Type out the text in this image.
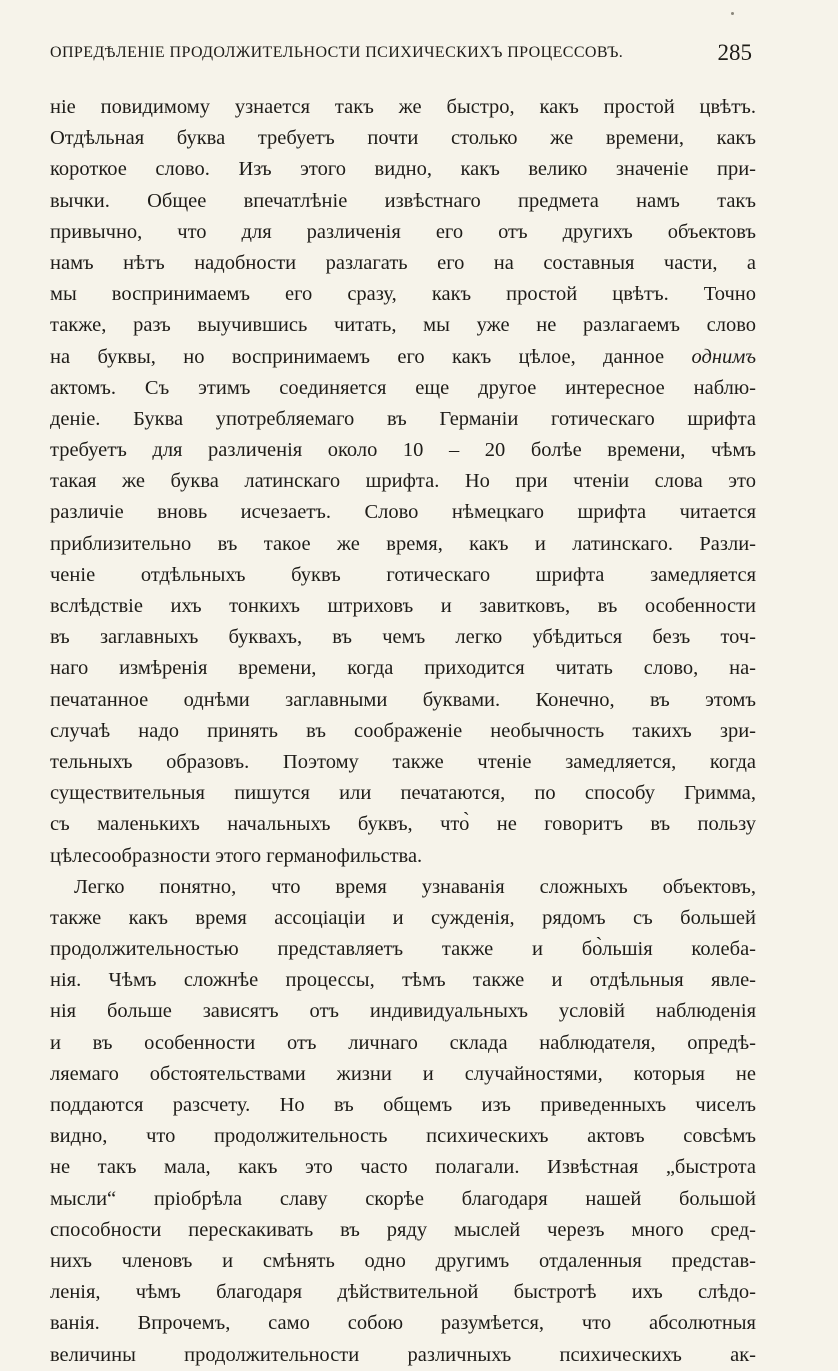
ОПРЕДѢЛЕНІЕ ПРОДОЛЖИТЕЛЬНОСТИ ПСИХИЧЕСКИХЪ ПРОЦЕССОВЪ.	285
ніе повидимому узнается такъ же быстро, какъ простой цвѣтъ.
Отдѣльная буква требуетъ почти столько же времени, какъ
короткое слово. Изъ этого видно, какъ велико значеніе при-
вычки. Общее впечатлѣніе извѣстнаго предмета намъ такъ
привычно, что для различенія его отъ другихъ объектовъ
намъ нѣтъ надобности разлагать его на составныя части, а
мы воспринимаемъ его сразу, какъ простой цвѣтъ. Точно
также, разъ выучившись читать, мы уже не разлагаемъ слово
на буквы, но воспринимаемъ его какъ цѣлое, данное однимъ
актомъ. Съ этимъ соединяется еще другое интересное наблю-
деніе. Буква употребляемаго въ Германіи готическаго шрифта
требуетъ для различенія около 10 – 20 болѣе времени, чѣмъ
такая же буква латинскаго шрифта. Но при чтеніи слова это
различіе вновь исчезаетъ. Слово нѣмецкаго шрифта читается
приблизительно въ такое же время, какъ и латинскаго. Разли-
ченіе отдѣльныхъ буквъ готическаго шрифта замедляется
вслѣдствіе ихъ тонкихъ штриховъ и завитковъ, въ особенности
въ заглавныхъ буквахъ, въ чемъ легко убѣдиться безъ точ-
наго измѣренія времени, когда приходится читать слово, на-
печатанное однѣми заглавными буквами. Конечно, въ этомъ
случаѣ надо принять въ соображеніе необычность такихъ зри-
тельныхъ образовъ. Поэтому также чтеніе замедляется, когда
существительныя пишутся или печатаются, по способу Гримма,
съ маленькихъ начальныхъ буквъ, что̀ не говоритъ въ пользу
цѣлесообразности этого германофильства.
Легко понятно, что время узнаванія сложныхъ объектовъ,
также какъ время ассоціаціи и сужденія, рядомъ съ большей
продолжительностью представляетъ также и бо̀льшія колеба-
нія. Чѣмъ сложнѣе процессы, тѣмъ также и отдѣльныя явле-
нія больше зависятъ отъ индивидуальныхъ условій наблюденія
и въ особенности отъ личнаго склада наблюдателя, опредѣ-
ляемаго обстоятельствами жизни и случайностями, которыя не
поддаются разсчету. Но въ общемъ изъ приведенныхъ чиселъ
видно, что продолжительность психическихъ актовъ совсѣмъ
не такъ мала, какъ это часто полагали. Извѣстная „быстрота
мысли“ пріобрѣла славу скорѣе благодаря нашей большой
способности перескакивать въ ряду мыслей черезъ много сред-
нихъ членовъ и смѣнять одно другимъ отдаленныя представ-
ленія, чѣмъ благодаря дѣйствительной быстротѣ ихъ слѣдо-
ванія. Впрочемъ, само собою разумѣется, что абсолютныя
величины продолжительности различныхъ психическихъ ак-
